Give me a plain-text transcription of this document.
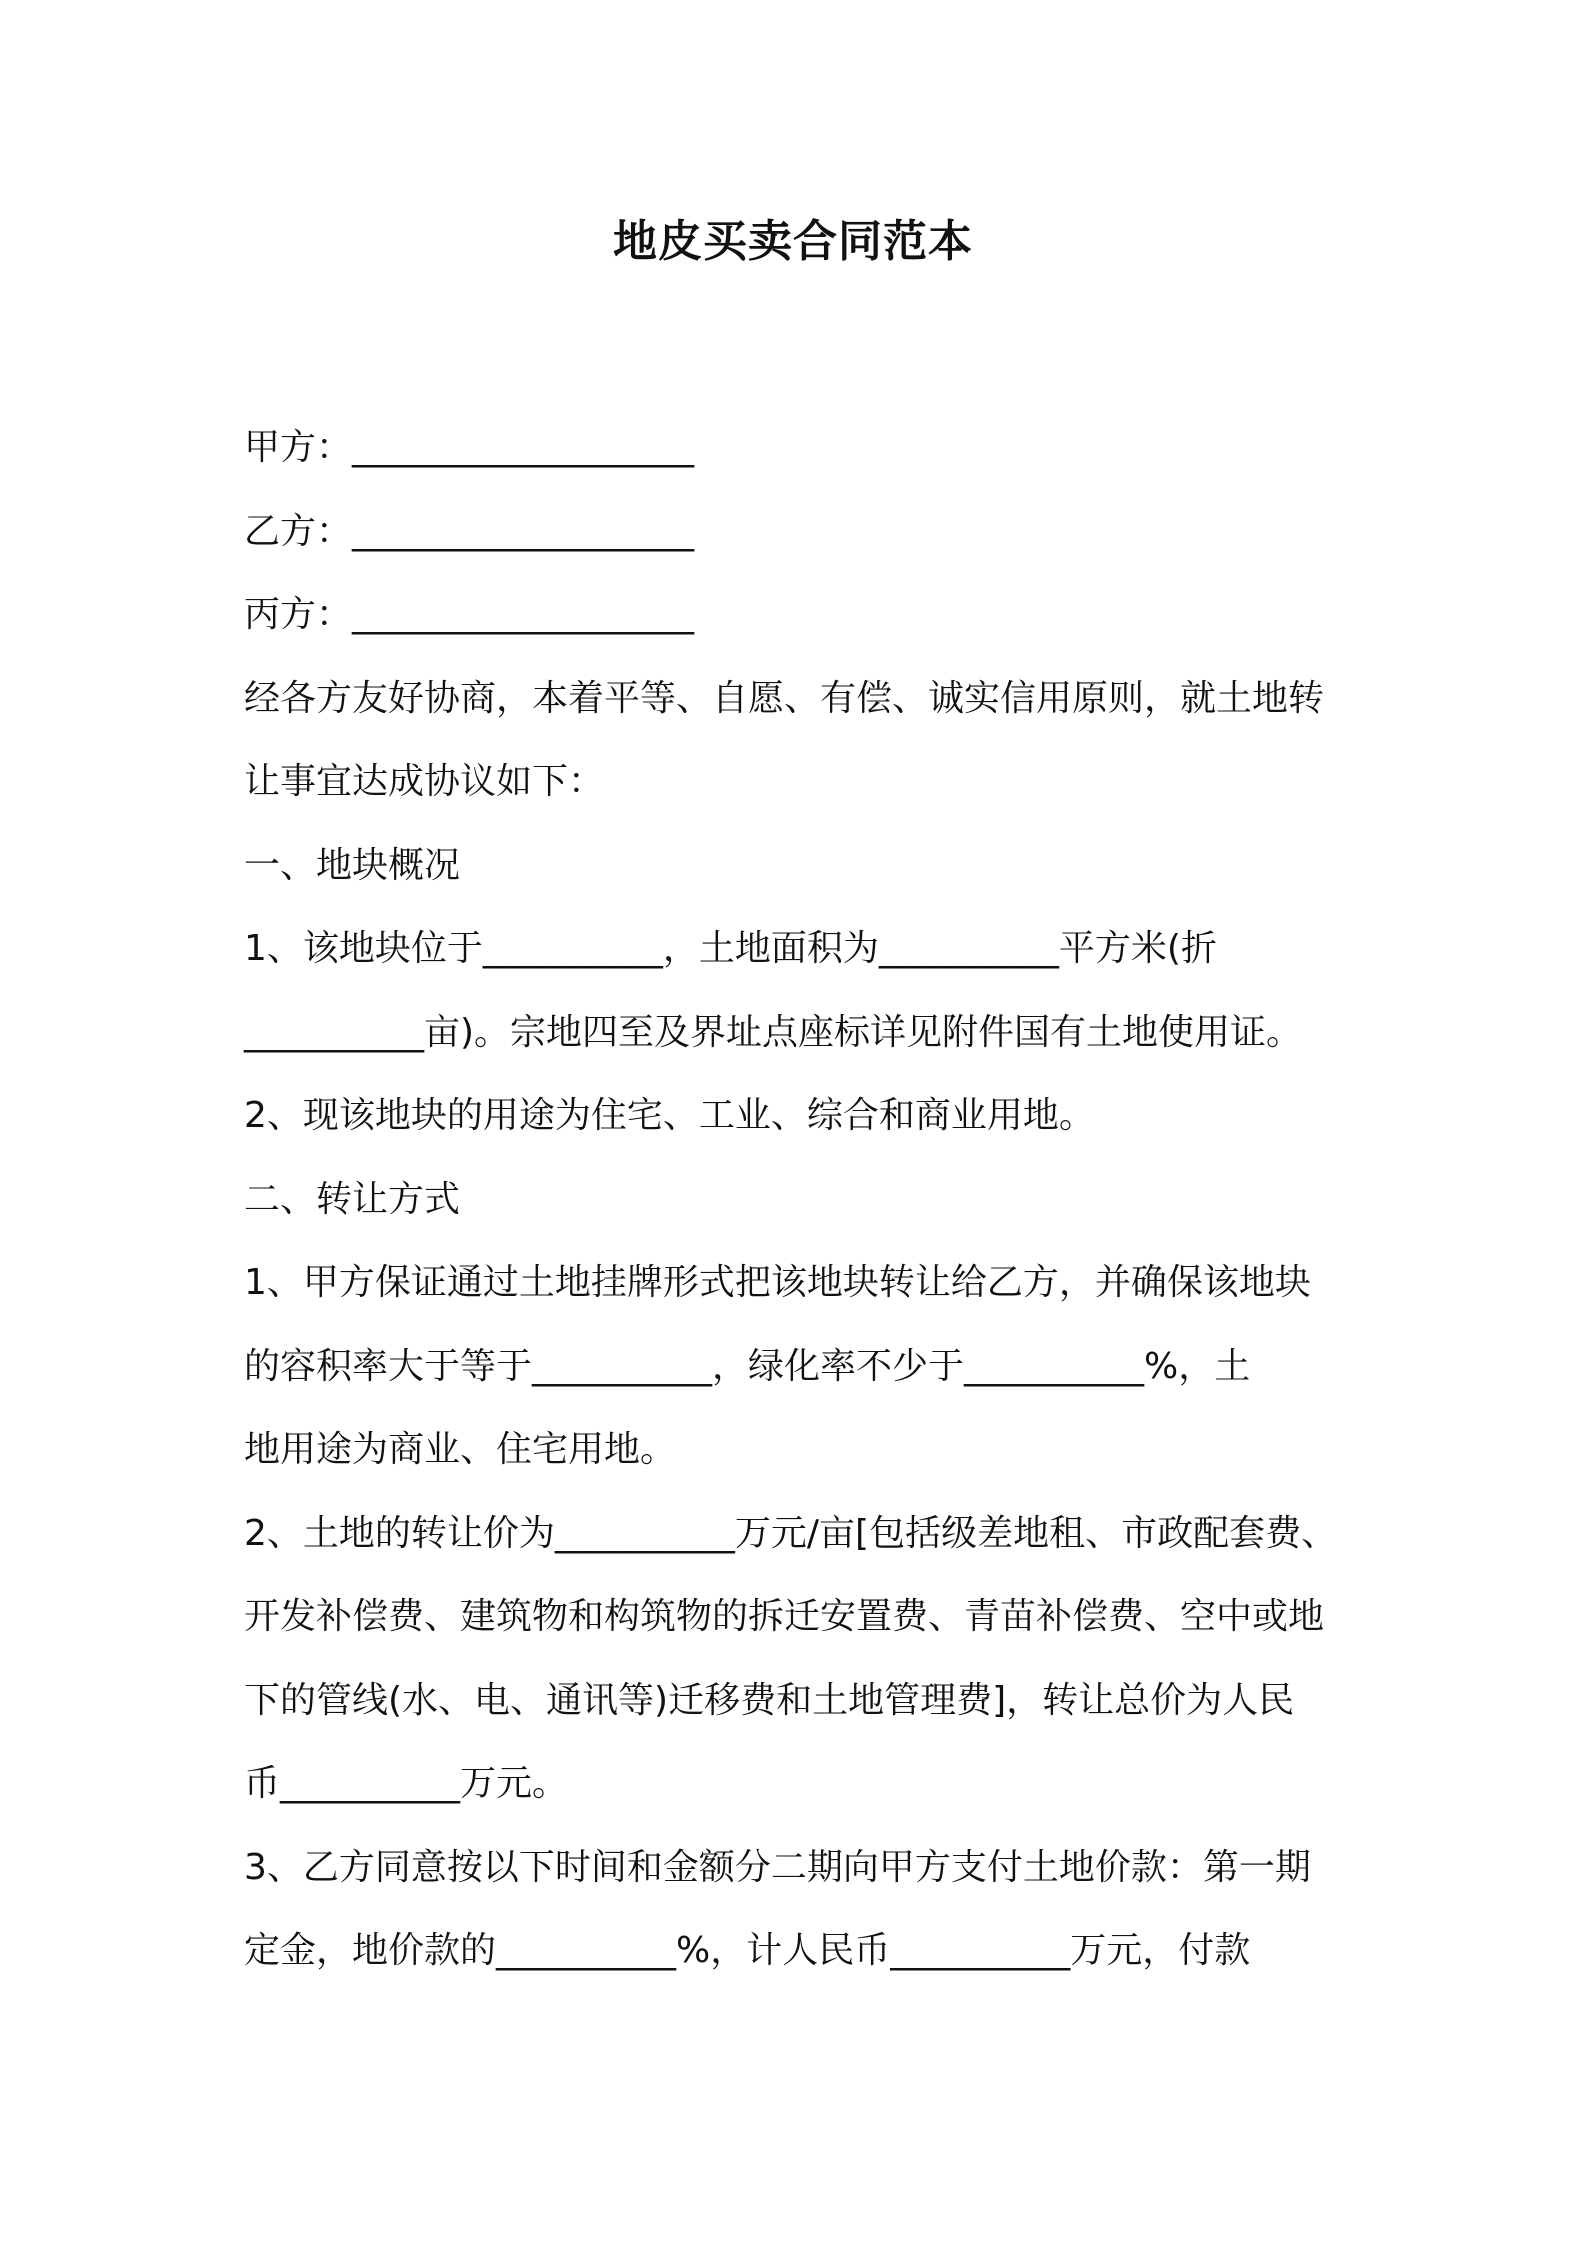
地皮买卖合同范本
甲方：___________________
乙方：___________________
丙方：___________________
经各方友好协商，本着平等、自愿、有偿、诚实信用原则，就土地转
让事宜达成协议如下：
一、地块概况
1、该地块位于__________，土地面积为__________平方米(折
__________亩)。宗地四至及界址点座标详见附件国有土地使用证。
2、现该地块的用途为住宅、工业、综合和商业用地。
二、转让方式
1、甲方保证通过土地挂牌形式把该地块转让给乙方，并确保该地块
的容积率大于等于__________，绿化率不少于__________%，土
地用途为商业、住宅用地。
2、土地的转让价为__________万元/亩[包括级差地租、市政配套费、
开发补偿费、建筑物和构筑物的拆迁安置费、青苗补偿费、空中或地
下的管线(水、电、通讯等)迁移费和土地管理费]，转让总价为人民
币__________万元。
3、乙方同意按以下时间和金额分二期向甲方支付土地价款：第一期
定金，地价款的__________%，计人民币__________万元，付款
